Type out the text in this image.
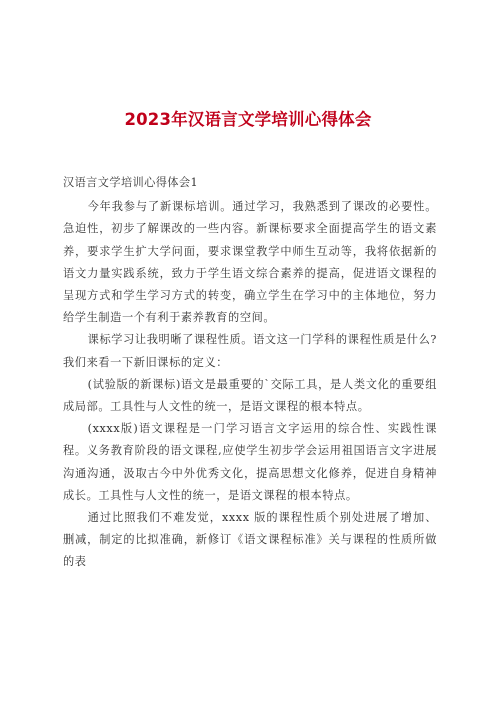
2023年汉语言文学培训心得体会

汉语言文学培训心得体会1

今年我参与了新课标培训。通过学习，我熟悉到了课改的必要性。急迫性，初步了解课改的一些内容。新课标要求全面提高学生的语文素养，要求学生扩大学问面，要求课堂教学中师生互动等，我将依据新的语文力量实践系统，致力于学生语文综合素养的提高，促进语文课程的呈现方式和学生学习方式的转变，确立学生在学习中的主体地位，努力给学生制造一个有利于素养教育的空间。

课标学习让我明晰了课程性质。语文这一门学科的课程性质是什么?我们来看一下新旧课标的定义：

(试验版的新课标)语文是最重要的`交际工具，是人类文化的重要组成局部。工具性与人文性的统一，是语文课程的根本特点。

(xxxx版)语文课程是一门学习语言文字运用的综合性、实践性课程。义务教育阶段的语文课程,应使学生初步学会运用祖国语言文字进展沟通沟通，汲取古今中外优秀文化，提高思想文化修养，促进自身精神成长。工具性与人文性的统一，是语文课程的根本特点。

通过比照我们不难发觉，xxxx 版的课程性质个别处进展了增加、删减，制定的比拟准确，新修订《语文课程标准》关与课程的性质所做的表
